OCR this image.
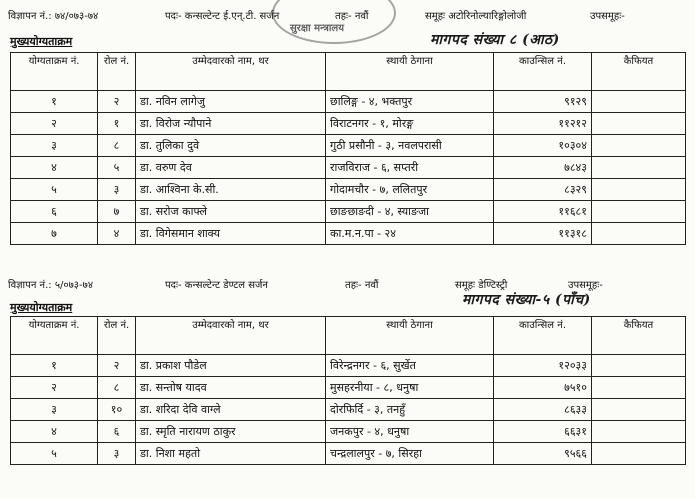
विज्ञापन नं.: ७४/०७३-७४	पदः- कन्सल्टेन्ट ई.एन्.टी. सर्जन	तहः- नवौं	समूहः अटोरिनोल्यारिङ्गोलोजी	उपसमूहः-
सुरक्षा मन्त्रालय
मुख्ययोग्यताक्रम	मागपद संख्या ८ (आठ)
योग्यताक्रम नं.	रोल नं.	उम्मेदवारको नाम, थर	स्थायी ठेगाना	काउन्सिल नं.	कैफियत
१	२	डा. नविन लागेजु	छालिङ्ग - ४, भक्तपुर	९१२९	
२	१	डा. विरोज न्यौपाने	विराटनगर - १, मोरङ्ग	११२१२	
३	८	डा. तुलिका दुवे	गुठी प्रसौनी - ३, नवलपरासी	१०३०४	
४	५	डा. वरुण देव	राजविराज - ६, सप्तरी	७८४३	
५	३	डा. आश्विना के.सी.	गोदामचौर - ७, ललितपुर	८३२९	
६	७	डा. सरोज काफ्ले	छाङछाङदी - ४, स्याङजा	११६८१	
७	४	डा. विगेसमान शाक्य	का.म.न.पा - २४	११३१८	
विज्ञापन नं.: ५/०७३-७४	पदः- कन्सल्टेन्ट डेण्टल सर्जन	तहः- नवौं	समूहः डेण्टिस्ट्री	उपसमूहः-
मुख्ययोग्यताक्रम	मागपद संख्या-५ (पाँच)
योग्यताक्रम नं.	रोल नं.	उम्मेदवारको नाम, थर	स्थायी ठेगाना	काउन्सिल नं.	कैफियत
१	२	डा. प्रकाश पौडेल	विरेन्द्रनगर - ६, सुर्खेत	१२०३३	
२	८	डा. सन्तोष यादव	मुसहरनीया - ८, धनुषा	७५१०	
३	१०	डा. शरिदा देवि वाग्ले	दोरफिर्दि - ३, तनहुँ	८६३३	
४	६	डा. स्मृति नारायण ठाकुर	जनकपुर - ४, धनुषा	६६३१	
५	३	डा. निशा महतो	चन्द्रलालपुर - ७, सिरहा	९५६६	
